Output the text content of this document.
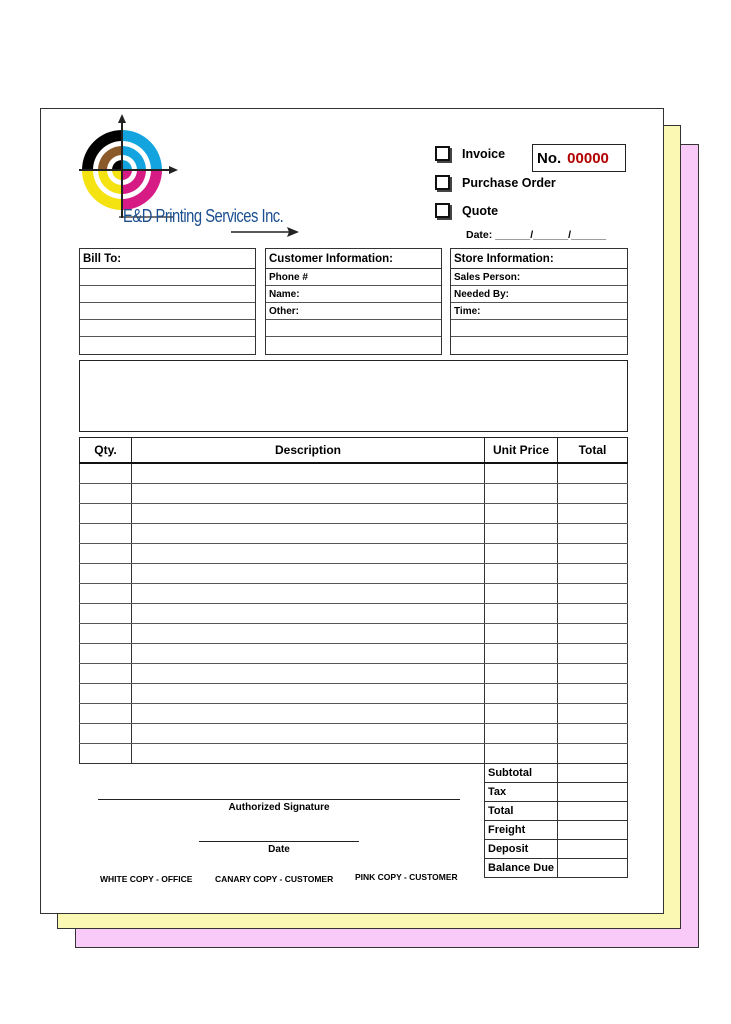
E&D Printing Services Inc.
Invoice
Purchase Order
Quote
No. 00000
Date: ______/______/______
Bill To:	Customer Information:
Phone #
Name:
Other:
Store Information:
Sales Person:
Needed By:
Time:
Qty.	Description	Unit Price	Total

Subtotal	
Tax	
Total	
Freight	
Deposit	
Balance Due	
Authorized Signature
Date
WHITE COPY - OFFICE	CANARY COPY - CUSTOMER	PINK COPY - CUSTOMER
